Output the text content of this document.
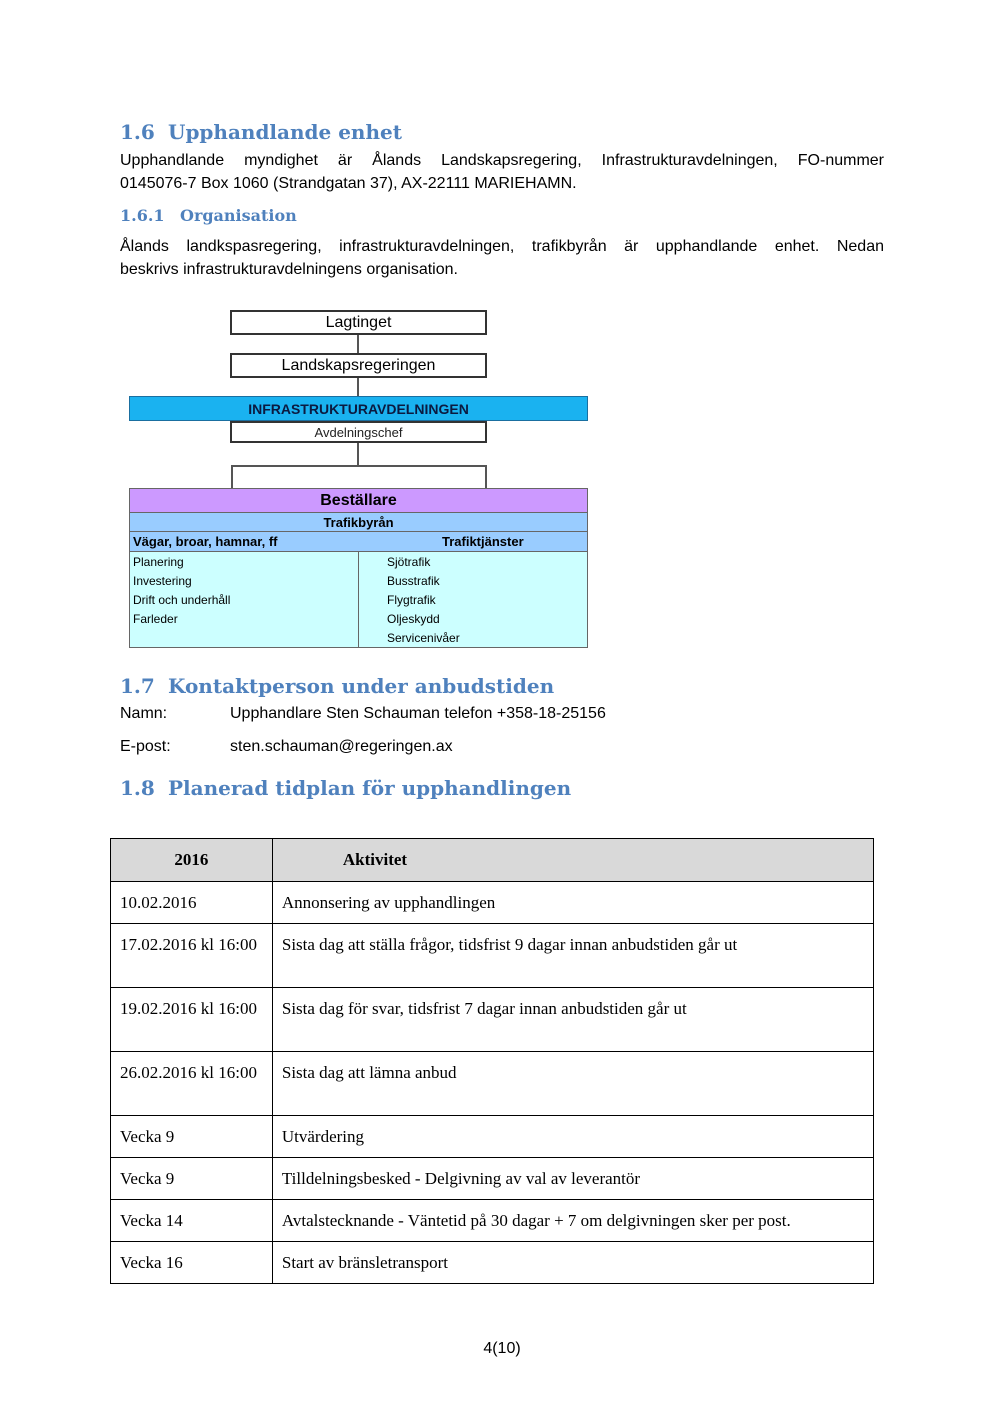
1.6 Upphandlande enhet
Upphandlande myndighet är Ålands Landskapsregering, Infrastrukturavdelningen, FO-nummer
0145076-7 Box 1060 (Strandgatan 37), AX-22111 MARIEHAMN.
1.6.1 Organisation
Ålands landkspasregering, infrastrukturavdelningen, trafikbyrån är upphandlande enhet. Nedan
beskrivs infrastrukturavdelningens organisation.
Lagtinget
Landskapsregeringen
INFRASTRUKTURAVDELNINGEN
Avdelningschef
Beställare
Trafikbyrån
Vägar, broar, hamnar, ff	Trafiktjänster
Planering
Investering
Drift och underhåll
Farleder
Sjötrafik
Busstrafik
Flygtrafik
Oljeskydd
Servicenivåer
1.7 Kontaktperson under anbudstiden
Namn:	Upphandlare Sten Schauman telefon +358-18-25156
E-post:	sten.schauman@regeringen.ax
1.8 Planerad tidplan för upphandlingen
2016	Aktivitet
10.02.2016	Annonsering av upphandlingen
17.02.2016 kl 16:00	Sista dag att ställa frågor, tidsfrist 9 dagar innan anbudstiden går ut
19.02.2016 kl 16:00	Sista dag för svar, tidsfrist 7 dagar innan anbudstiden går ut
26.02.2016 kl 16:00	Sista dag att lämna anbud
Vecka 9	Utvärdering
Vecka 9	Tilldelningsbesked - Delgivning av val av leverantör
Vecka 14	Avtalstecknande - Väntetid på 30 dagar + 7 om delgivningen sker per post.
Vecka 16	Start av bränsletransport
4(10)
